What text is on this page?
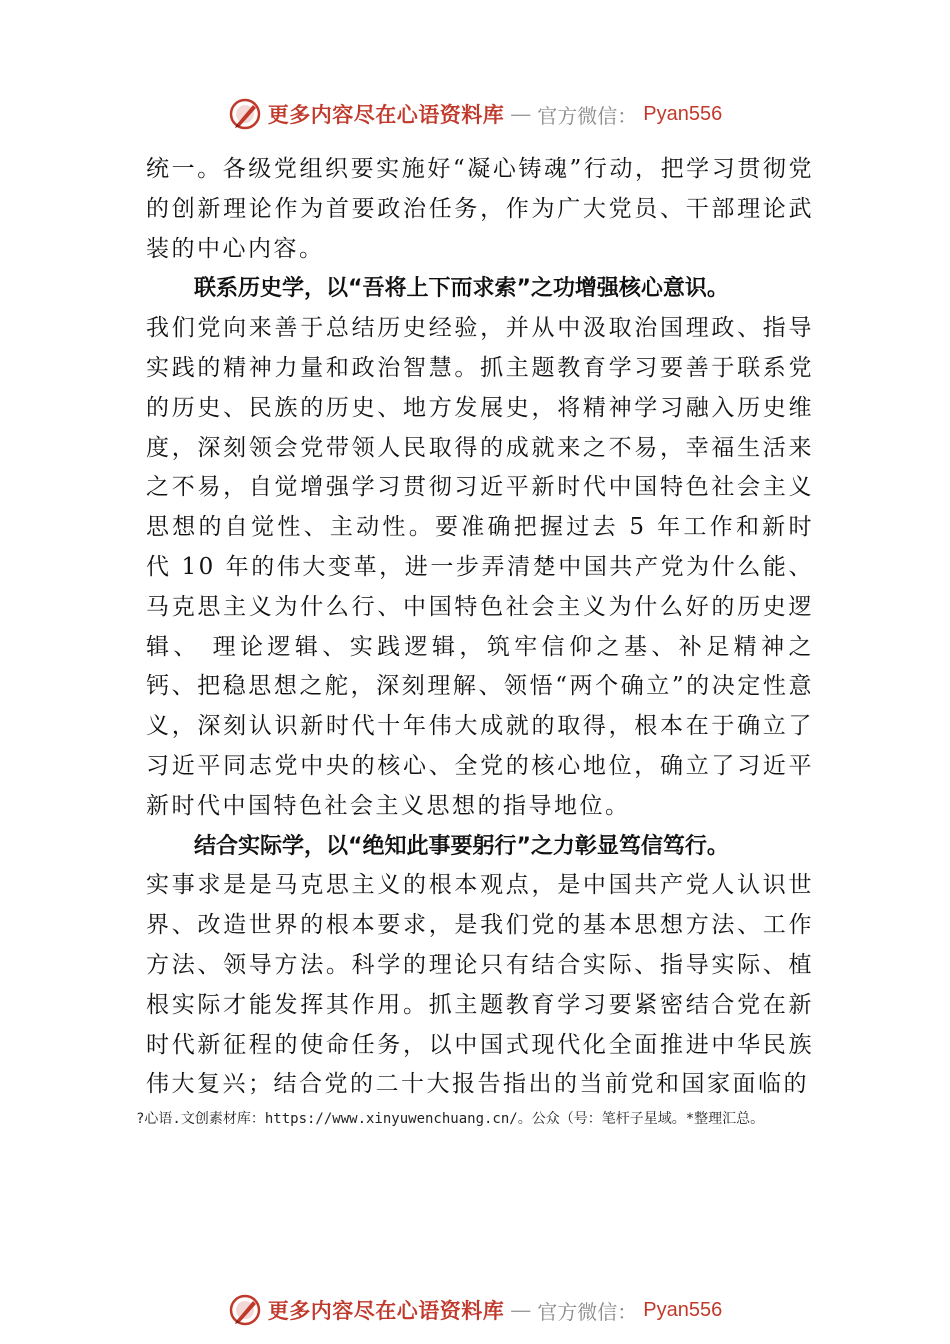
更多内容尽在心语资料库 — 官方微信： Pyan556

统一。各级党组织要实施好“凝心铸魂”行动，把学习贯彻党的创新理论作为首要政治任务，作为广大党员、干部理论武装的中心内容。

联系历史学，以“吾将上下而求索”之功增强核心意识。

我们党向来善于总结历史经验，并从中汲取治国理政、指导实践的精神力量和政治智慧。抓主题教育学习要善于联系党的历史、民族的历史、地方发展史，将精神学习融入历史维度，深刻领会党带领人民取得的成就来之不易，幸福生活来之不易，自觉增强学习贯彻习近平新时代中国特色社会主义思想的自觉性、主动性。要准确把握过去 5 年工作和新时代 10 年的伟大变革，进一步弄清楚中国共产党为什么能、马克思主义为什么行、中国特色社会主义为什么好的历史逻辑、 理论逻辑、实践逻辑，筑牢信仰之基、补足精神之钙、把稳思想之舵，深刻理解、领悟“两个确立”的决定性意义，深刻认识新时代十年伟大成就的取得，根本在于确立了习近平同志党中央的核心、全党的核心地位，确立了习近平新时代中国特色社会主义思想的指导地位。

结合实际学，以“绝知此事要躬行”之力彰显笃信笃行。

实事求是是马克思主义的根本观点，是中国共产党人认识世界、改造世界的根本要求，是我们党的基本思想方法、工作方法、领导方法。科学的理论只有结合实际、指导实际、植根实际才能发挥其作用。抓主题教育学习要紧密结合党在新时代新征程的使命任务，以中国式现代化全面推进中华民族伟大复兴；结合党的二十大报告指出的当前党和国家面临的

?心语.文创素材库：https://www.xinyuwenchuang.cn/。公众（号：笔杆子星域。*整理汇总。
更多内容尽在心语资料库 — 官方微信： Pyan556
